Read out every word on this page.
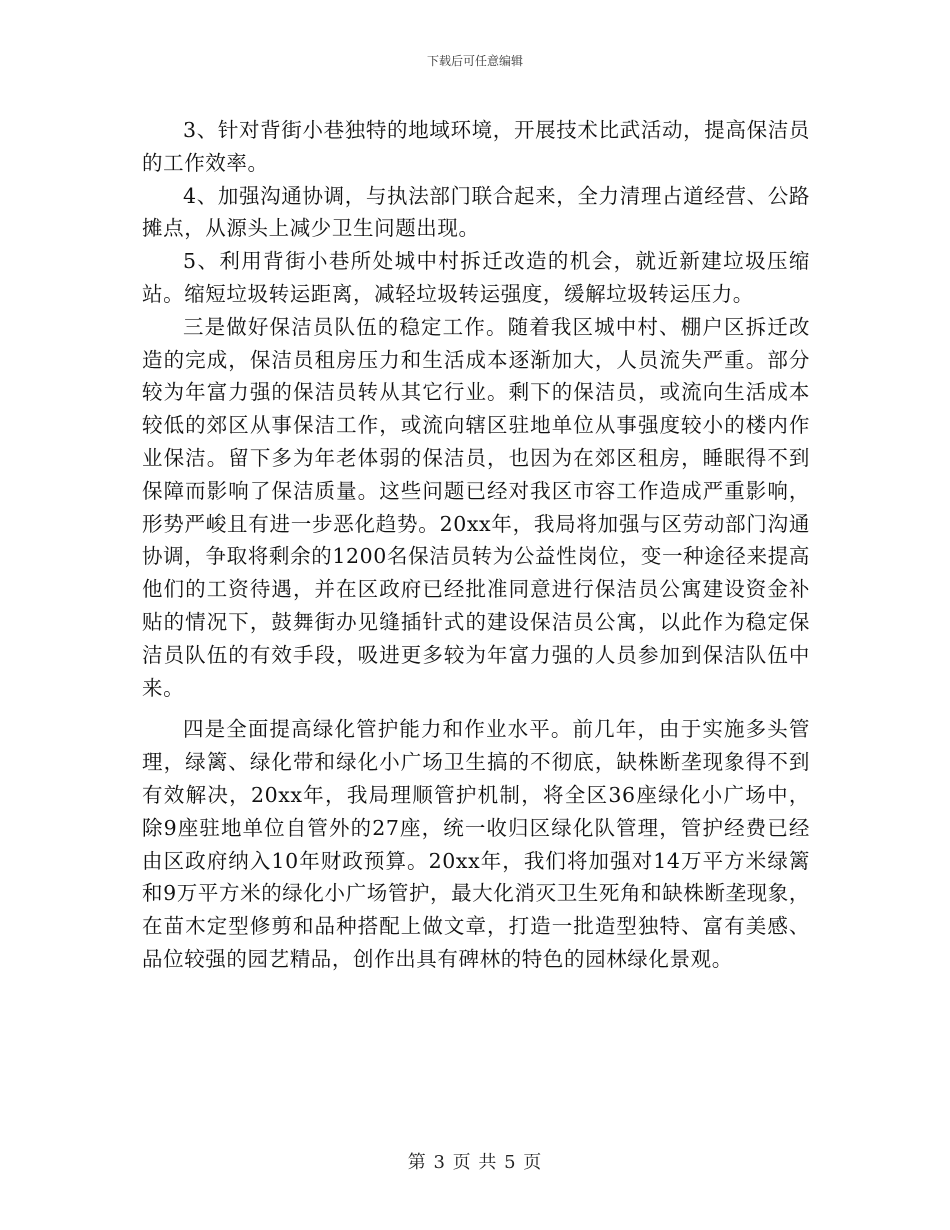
下载后可任意编辑

3、针对背街小巷独特的地域环境，开展技术比武活动，提高保洁员的工作效率。

4、加强沟通协调，与执法部门联合起来，全力清理占道经营、公路摊点，从源头上减少卫生问题出现。

5、利用背街小巷所处城中村拆迁改造的机会，就近新建垃圾压缩站。缩短垃圾转运距离，减轻垃圾转运强度，缓解垃圾转运压力。

三是做好保洁员队伍的稳定工作。随着我区城中村、棚户区拆迁改造的完成，保洁员租房压力和生活成本逐渐加大，人员流失严重。部分较为年富力强的保洁员转从其它行业。剩下的保洁员，或流向生活成本较低的郊区从事保洁工作，或流向辖区驻地单位从事强度较小的楼内作业保洁。留下多为年老体弱的保洁员，也因为在郊区租房，睡眠得不到保障而影响了保洁质量。这些问题已经对我区市容工作造成严重影响，形势严峻且有进一步恶化趋势。20xx年，我局将加强与区劳动部门沟通协调，争取将剩余的1200名保洁员转为公益性岗位，变一种途径来提高他们的工资待遇，并在区政府已经批准同意进行保洁员公寓建设资金补贴的情况下，鼓舞街办见缝插针式的建设保洁员公寓，以此作为稳定保洁员队伍的有效手段，吸进更多较为年富力强的人员参加到保洁队伍中来。

四是全面提高绿化管护能力和作业水平。前几年，由于实施多头管理，绿篱、绿化带和绿化小广场卫生搞的不彻底，缺株断垄现象得不到有效解决，20xx年，我局理顺管护机制，将全区36座绿化小广场中，除9座驻地单位自管外的27座，统一收归区绿化队管理，管护经费已经由区政府纳入10年财政预算。20xx年，我们将加强对14万平方米绿篱和9万平方米的绿化小广场管护，最大化消灭卫生死角和缺株断垄现象，在苗木定型修剪和品种搭配上做文章，打造一批造型独特、富有美感、品位较强的园艺精品，创作出具有碑林的特色的园林绿化景观。

第 3 页 共 5 页
